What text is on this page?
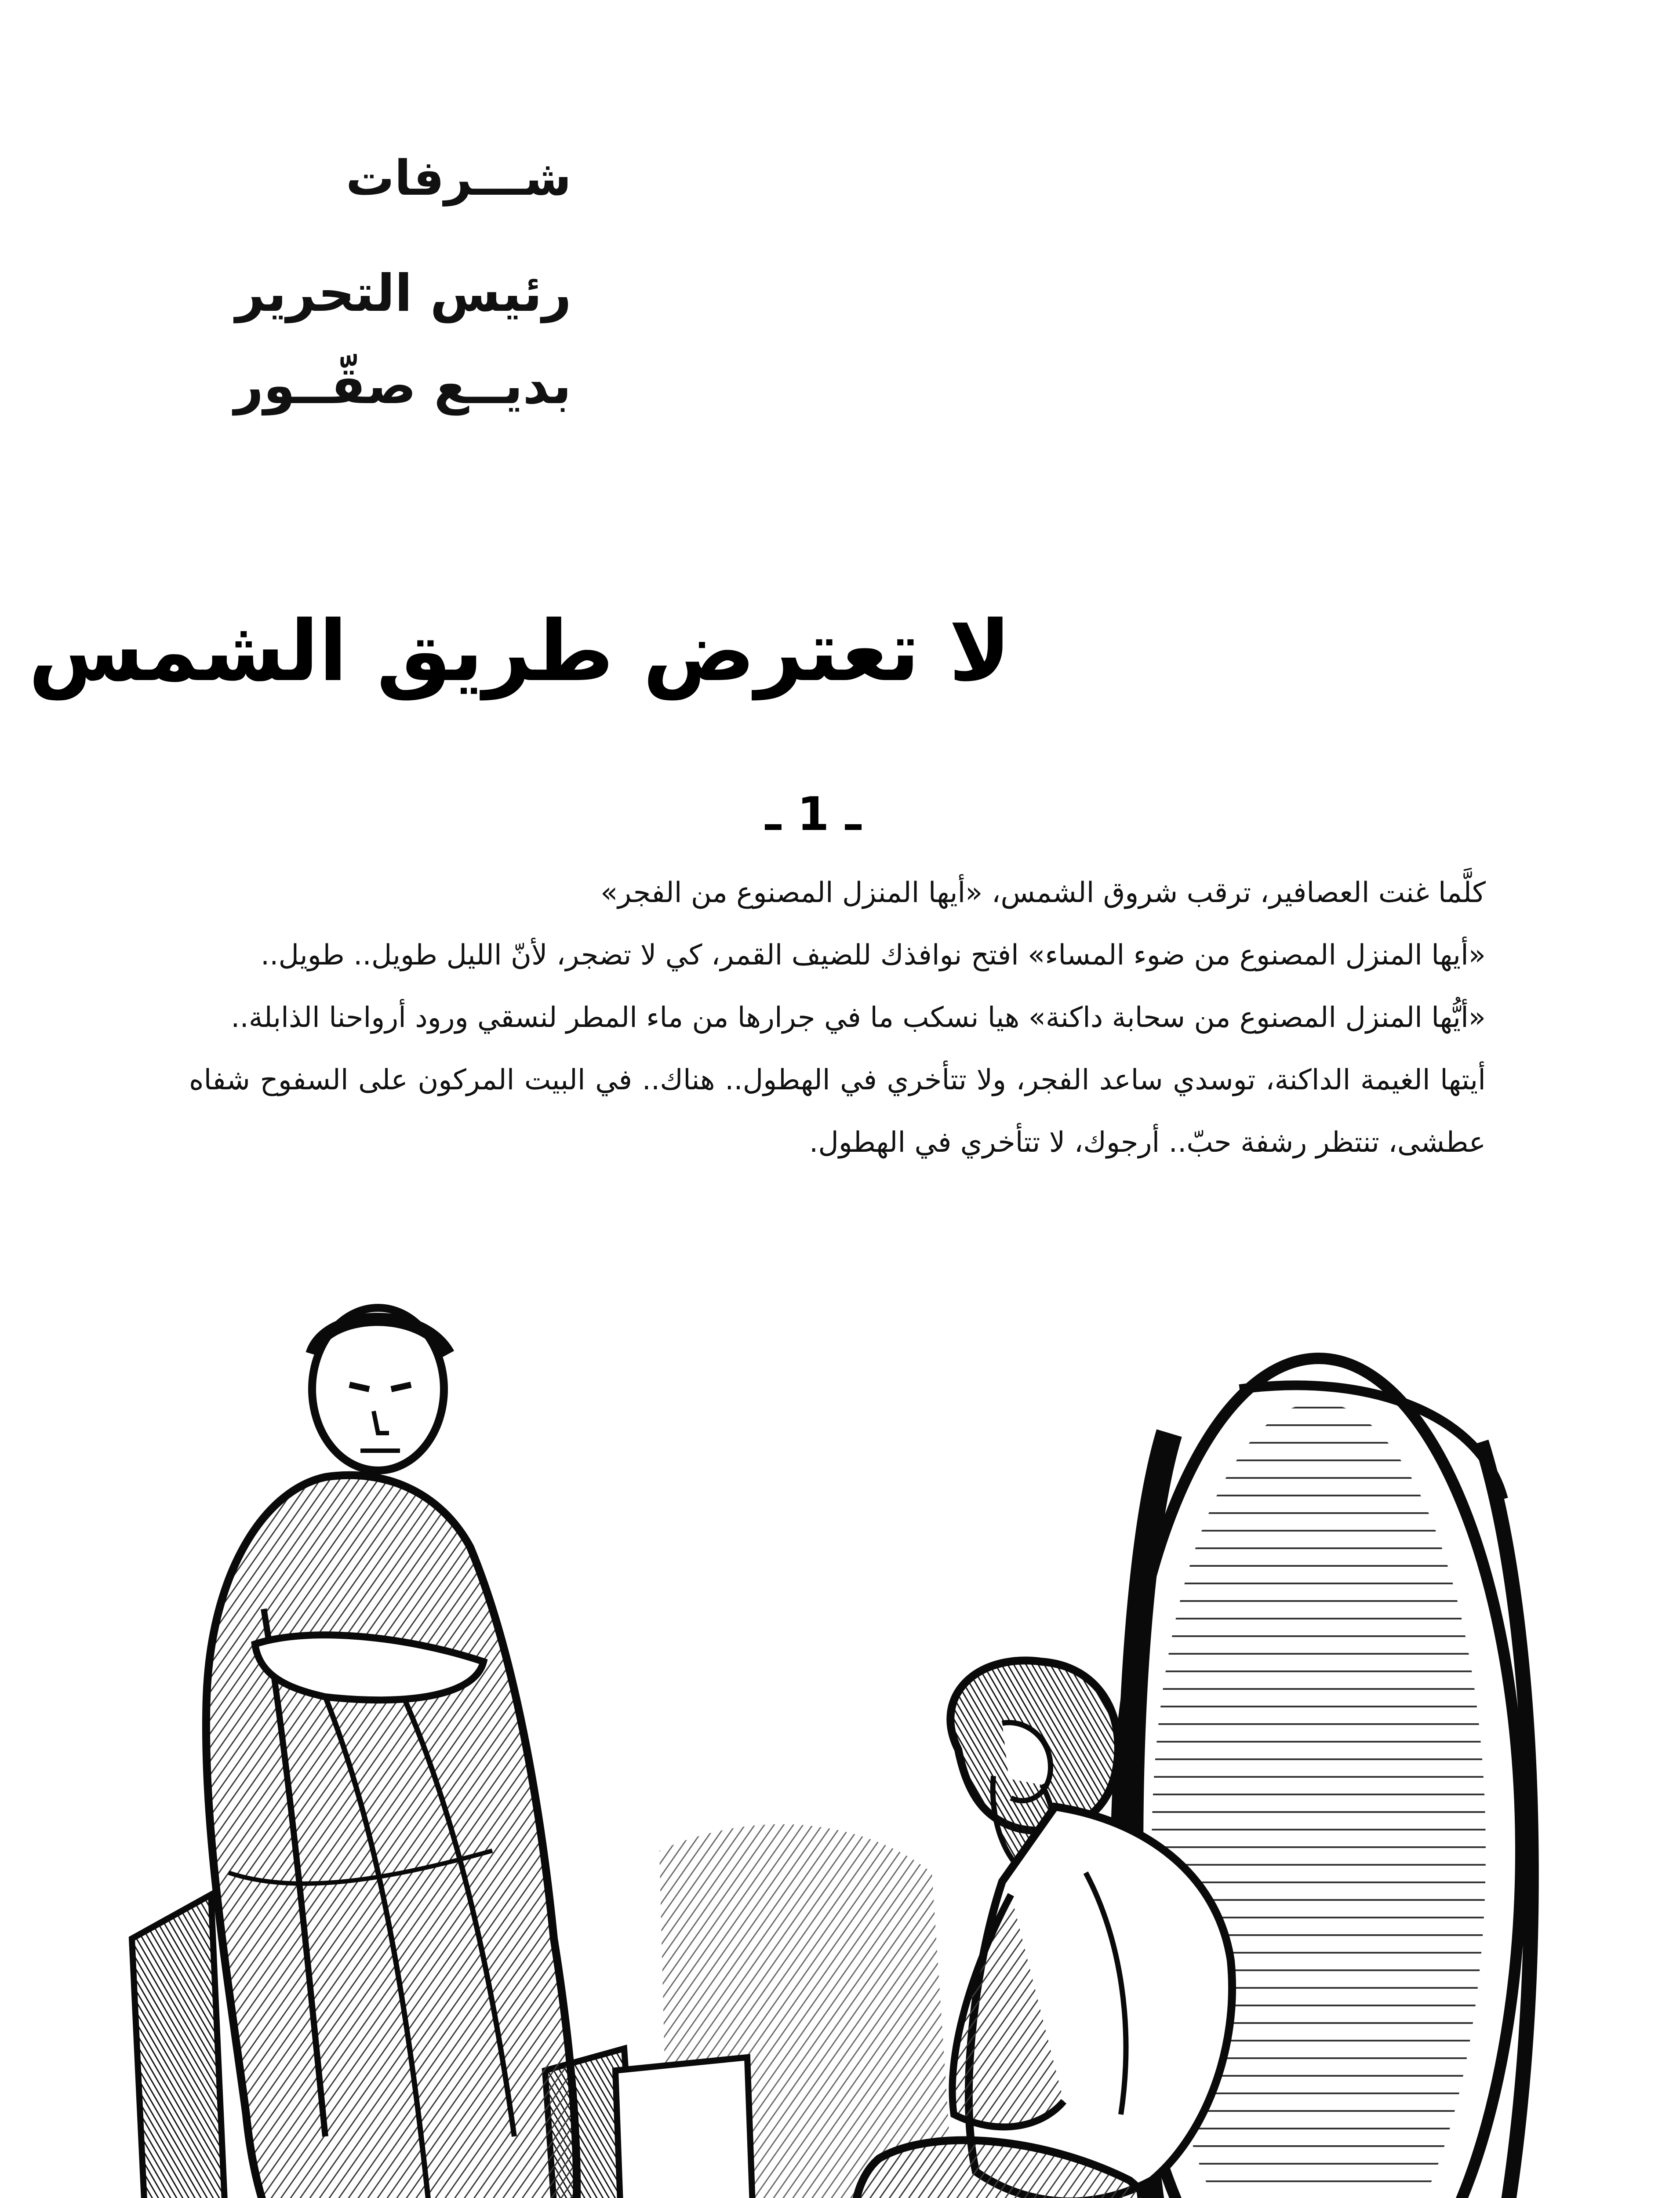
شـــرفات
رئيس التحرير
بديــع صقّــور
لا تعترض طريق الشمس
ـ 1 ـ

كلَّما غنت العصافير، ترقب شروق الشمس، «أيها المنزل المصنوع من الفجر»

«أيها المنزل المصنوع من ضوء المساء» افتح نوافذك للضيف القمر، كي لا تضجر، لأنّ الليل طويل.. طويل..

«أيُّها المنزل المصنوع من سحابة داكنة» هيا نسكب ما في جرارها من ماء المطر لنسقي ورود أرواحنا الذابلة..

أيتها الغيمة الداكنة، توسدي ساعد الفجر، ولا تتأخري في الهطول.. هناك.. في البيت المركون على السفوح شفاه عطشى، تنتظر رشفة حبّ.. أرجوك، لا تتأخري في الهطول.
